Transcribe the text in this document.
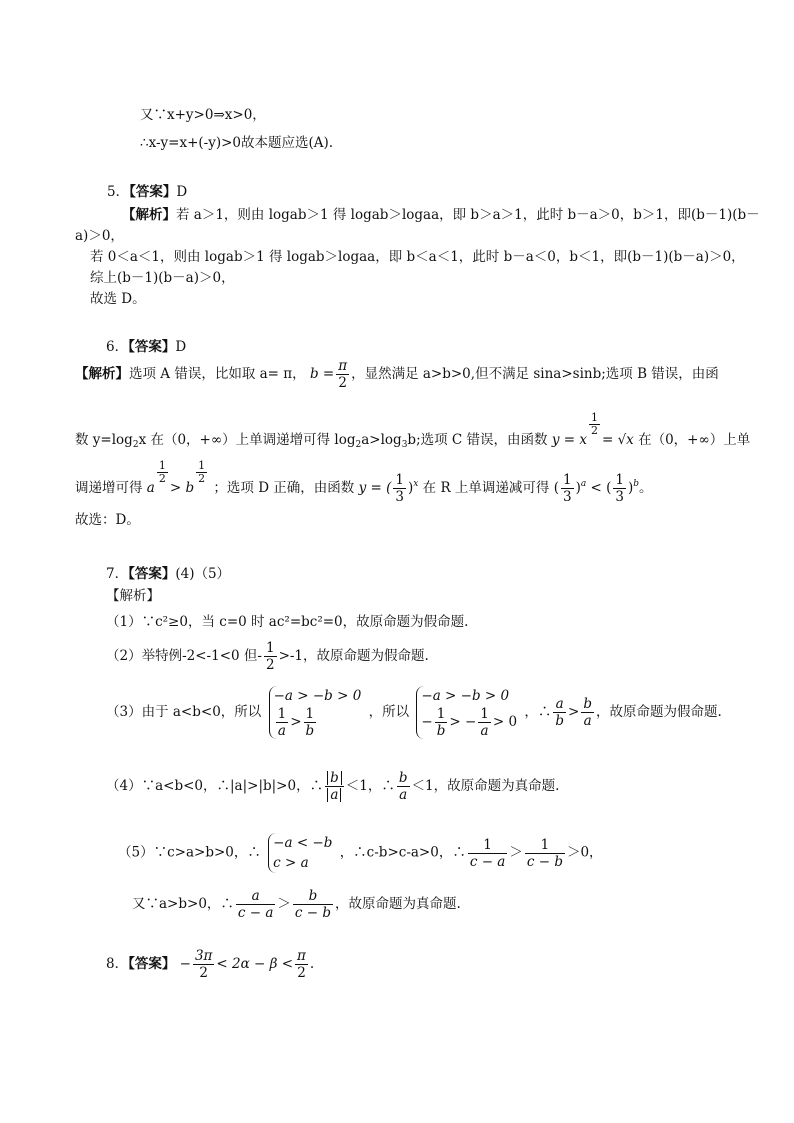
又∵x+y>0⇒x>0，
∴x-y=x+(-y)>0故本题应选(A).
5．【答案】D
【解析】若 a＞1，则由 logab＞1 得 logab＞logaa，即 b＞a＞1，此时 b－a＞0，b＞1，即(b－1)(b－
a)＞0，
若 0＜a＜1，则由 logab＞1 得 logab＞logaa，即 b＜a＜1，此时 b－a＜0，b＜1，即(b－1)(b－a)＞0，
综上(b－1)(b－a)＞0，
故选 D。
6．【答案】D
【解析】选项 A 错误，比如取 a= π， $b = \frac{\pi}{2}$ ，显然满足 a>b>0,但不满足 sina>sinb;选项 B 错误，由函
数 $y=\log_2x$ 在（0，+∞）上单调递增可得 $\log_2a>\log_3b$;选项 C 错误，由函数 y = x
$\frac{1}{2}$
= √x 在（0，+∞）上单
调递增可得 a
$\frac{1}{2}$
> b
$\frac{1}{2}$
；选项 D 正确，由函数 y = ( $\frac{1}{3} )^x$ 在 R 上单调递减可得 ( $\frac{1}{3} )^a$ < ( $\frac{1}{3} )^b$。
故选：D。
7．【答案】(4)（5）
【解析】
（1）∵c²≥0，当 c=0 时 ac²=bc²=0，故原命题为假命题.
（2）举特例-2<-1<0 但- $\frac{1}{2} >-1$，故原命题为假命题.
（3）由于 a<b<0，所以
−a > −b > 0
$\frac{1}{a} > \frac{1}{b}$	，所以
−a > −b > 0
− $\frac{1}{b}$ > − $\frac{1}{a} > 0$
，∴ $\frac{a}{b} > \frac{b}{a}$ ，故原命题为假命题.
（4）∵a<b<0，∴|a|>|b|>0，∴ $\frac{b}{a} <1$，∴ $\frac{b}{a} <1$，故原命题为真命题.
（5）∵c>a>b>0，∴
−a < −b
c > a
，∴c-b>c-a>0，∴ $\frac{1}{c - a} > \frac{1}{c - b} >0$，
又∵a>b>0，∴ $\frac{a}{c - a} > \frac{b}{c - b}$ ，故原命题为真命题.
8．【答案】 − $\frac{3\pi}{2} < 2\alpha - \beta < \frac{\pi}{2}$ .
